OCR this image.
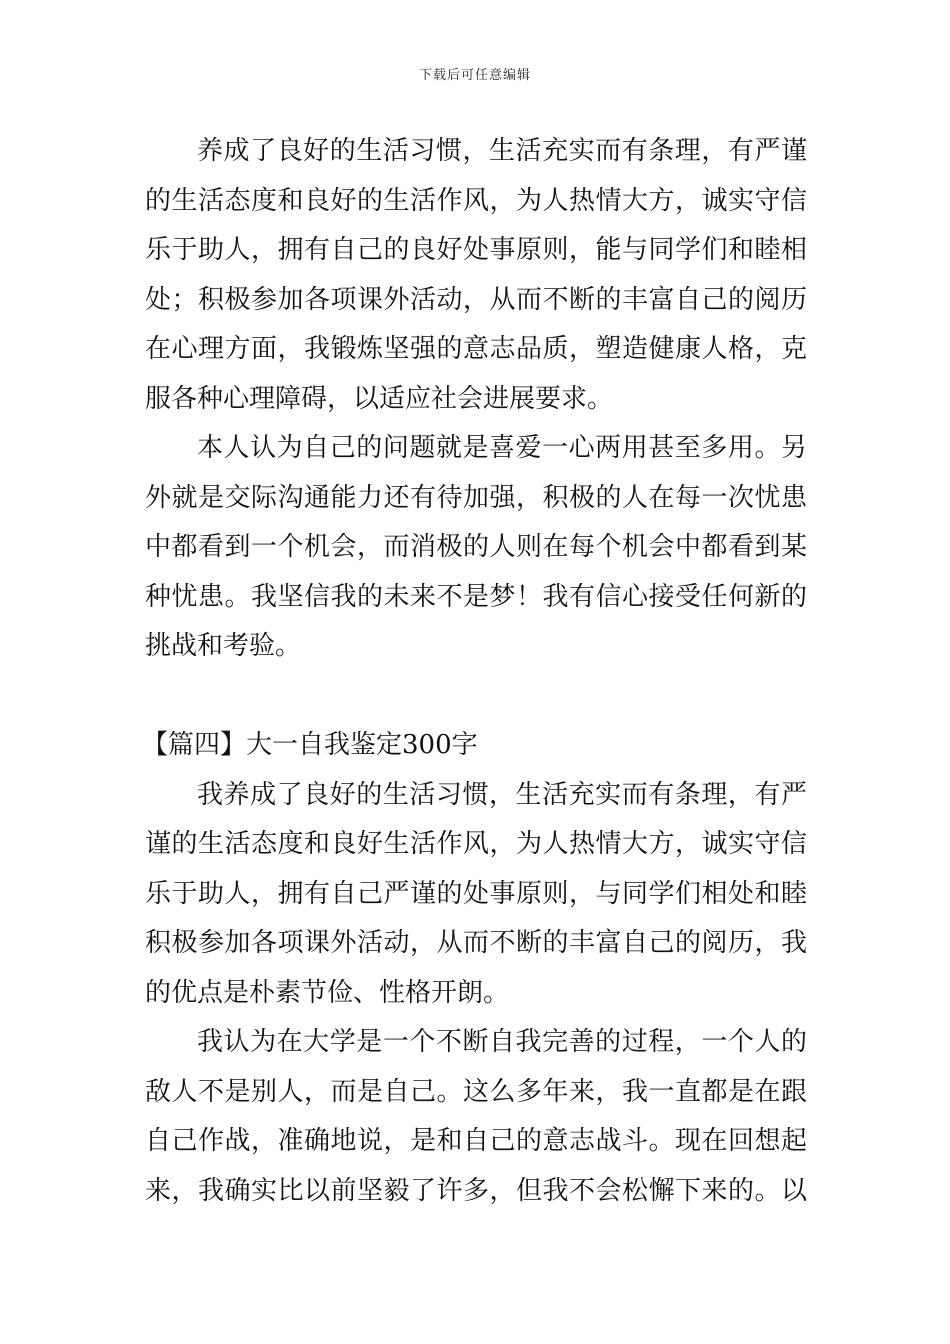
下载后可任意编辑
养成了良好的生活习惯，生活充实而有条理，有严谨
的生活态度和良好的生活作风，为人热情大方，诚实守信
乐于助人，拥有自己的良好处事原则，能与同学们和睦相
处；积极参加各项课外活动，从而不断的丰富自己的阅历
在心理方面，我锻炼坚强的意志品质，塑造健康人格，克
服各种心理障碍，以适应社会进展要求。
本人认为自己的问题就是喜爱一心两用甚至多用。另
外就是交际沟通能力还有待加强，积极的人在每一次忧患
中都看到一个机会，而消极的人则在每个机会中都看到某
种忧患。我坚信我的未来不是梦！我有信心接受任何新的
挑战和考验。
【篇四】大一自我鉴定300字
我养成了良好的生活习惯，生活充实而有条理，有严
谨的生活态度和良好生活作风，为人热情大方，诚实守信
乐于助人，拥有自己严谨的处事原则，与同学们相处和睦
积极参加各项课外活动，从而不断的丰富自己的阅历，我
的优点是朴素节俭、性格开朗。
我认为在大学是一个不断自我完善的过程，一个人的
敌人不是别人，而是自己。这么多年来，我一直都是在跟
自己作战，准确地说，是和自己的意志战斗。现在回想起
来，我确实比以前坚毅了许多，但我不会松懈下来的。以
